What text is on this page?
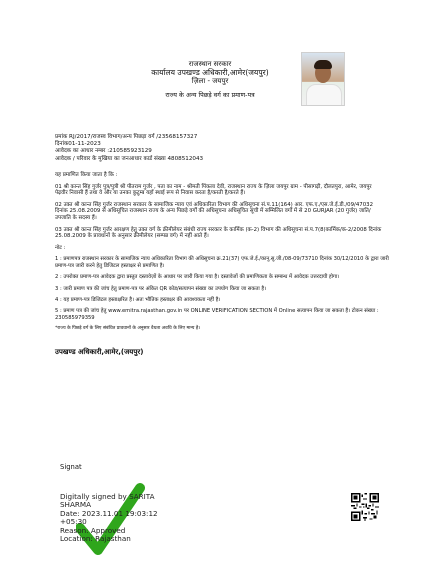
राजस्थान सरकार
कार्यालय उपखण्ड अधिकारी,आमेर(जयपुर)
ज़िला - जयपुर
राज्य के अन्य पिछड़े वर्ग का प्रमाण-पत्र
प्रमांक RJ/2017/राजस्व विभाग/अन्य पिछड़ा वर्ग /23568157327
दिनांक01-11-2023
आवेदक का आधार नम्बर :210585923129
आवेदक / परिवार के मुखिया का जनआधार कार्ड संख्या 4808512043

यह प्रमाणित किया जाता है कि :

01 श्री कान्त सिंह गुर्जर पुत्र/पुत्री श्री पीतराम गुर्जर , पता का नाम - श्रीमती पिंकला देवी, राजस्थान राज्य के ज़िला जयपुर ग्राम - पीसागढ़ी, दौलतपुरा, आमेर, जयपुर पेढ़वीर निवासी हैं तथा वे और या उनका कुटुम्ब यहाँ स्थाई रूप से निवास करता है/करती है/करते हैं।

02 उक्त श्री कान्त सिंह गुर्जर राजस्थान सरकार के सामाजिक न्याय एवं अधिकारिता विभाग की अधिसूचना सं.प.11(164) आर. एफ.ए./एस.जे.ई.डी./09/47032 दिनांक 25.08.2009 से अधिसूचित राजस्थान राज्य के अन्य पिछड़े वर्गों की अधिसूचना अधिसूचित सूची में सम्मिलित वर्गों में से 20 GURJAR (20 गुर्जर) जाति/उपजाति के सदस्य हैं।

03 उक्त श्री कान्त सिंह गुर्जर आरक्षण हेतु उक्त वर्ग के क्रीमीलेयर संबंधी राज्य सरकार के कार्मिक (क-2) विभाग की अधिसूचना सं.प.7(8)कार्मिक/क-2/2008 दिनांक 25.08.2009 के प्रावधानों के अनुसार क्रीमीलेयर (सम्पन्न वर्ग) में नहीं आते हैं।

नोट :

1 : प्रमाणपत्र राजस्थान सरकार के सामाजिक न्याय अधिकारिता विभाग की अधिसूचना क्र.21(37) एफ.जे.ई./कानू.सु.जी./08-09/73710 दिनांक 30/12/2010 के द्वारा जारी प्रमाण-पत्र जारी करने हेतु डिजिटल हस्ताक्षर से प्रमाणित है।

2 : उपरोक्त प्रमाण-पत्र आवेदक द्वारा प्रस्तुत दस्तावेज़ों के आधार पर जारी किया गया है। दस्तावेजों की प्रमाणिकता के सम्बन्ध में आवेदक उत्तरदायी होगा।

3 : जारी प्रमाण पत्र की जांच हेतु प्रमाण-पत्र पर अंकित QR कोड/सत्यापन संख्या का उपयोग किया जा सकता है।

4 : यह प्रमाण-पत्र डिजिटल हस्ताक्षरित है। अतः भौतिक हस्ताक्षर की आवश्यकता नहीं है।

5 : प्रमाण पत्र की जांच हेतु www.emitra.rajasthan.gov.in पर ONLINE VERIFICATION SECTION में Online सत्यापन किया जा सकता है। टोकन संख्या : 230585979359

*राज्य के पिछड़े वर्ग के लिए संबंधित प्रावधानों के अनुसार वैधता अवधि के लिए मान्य है।

उपखण्ड अधिकारी,आमेर,(जयपुर)
Signat
Digitally signed by SARITA
SHARMA
Date: 2023.11.01 19:03:12
+05:30
Reason: Approved
Location: Rajasthan
